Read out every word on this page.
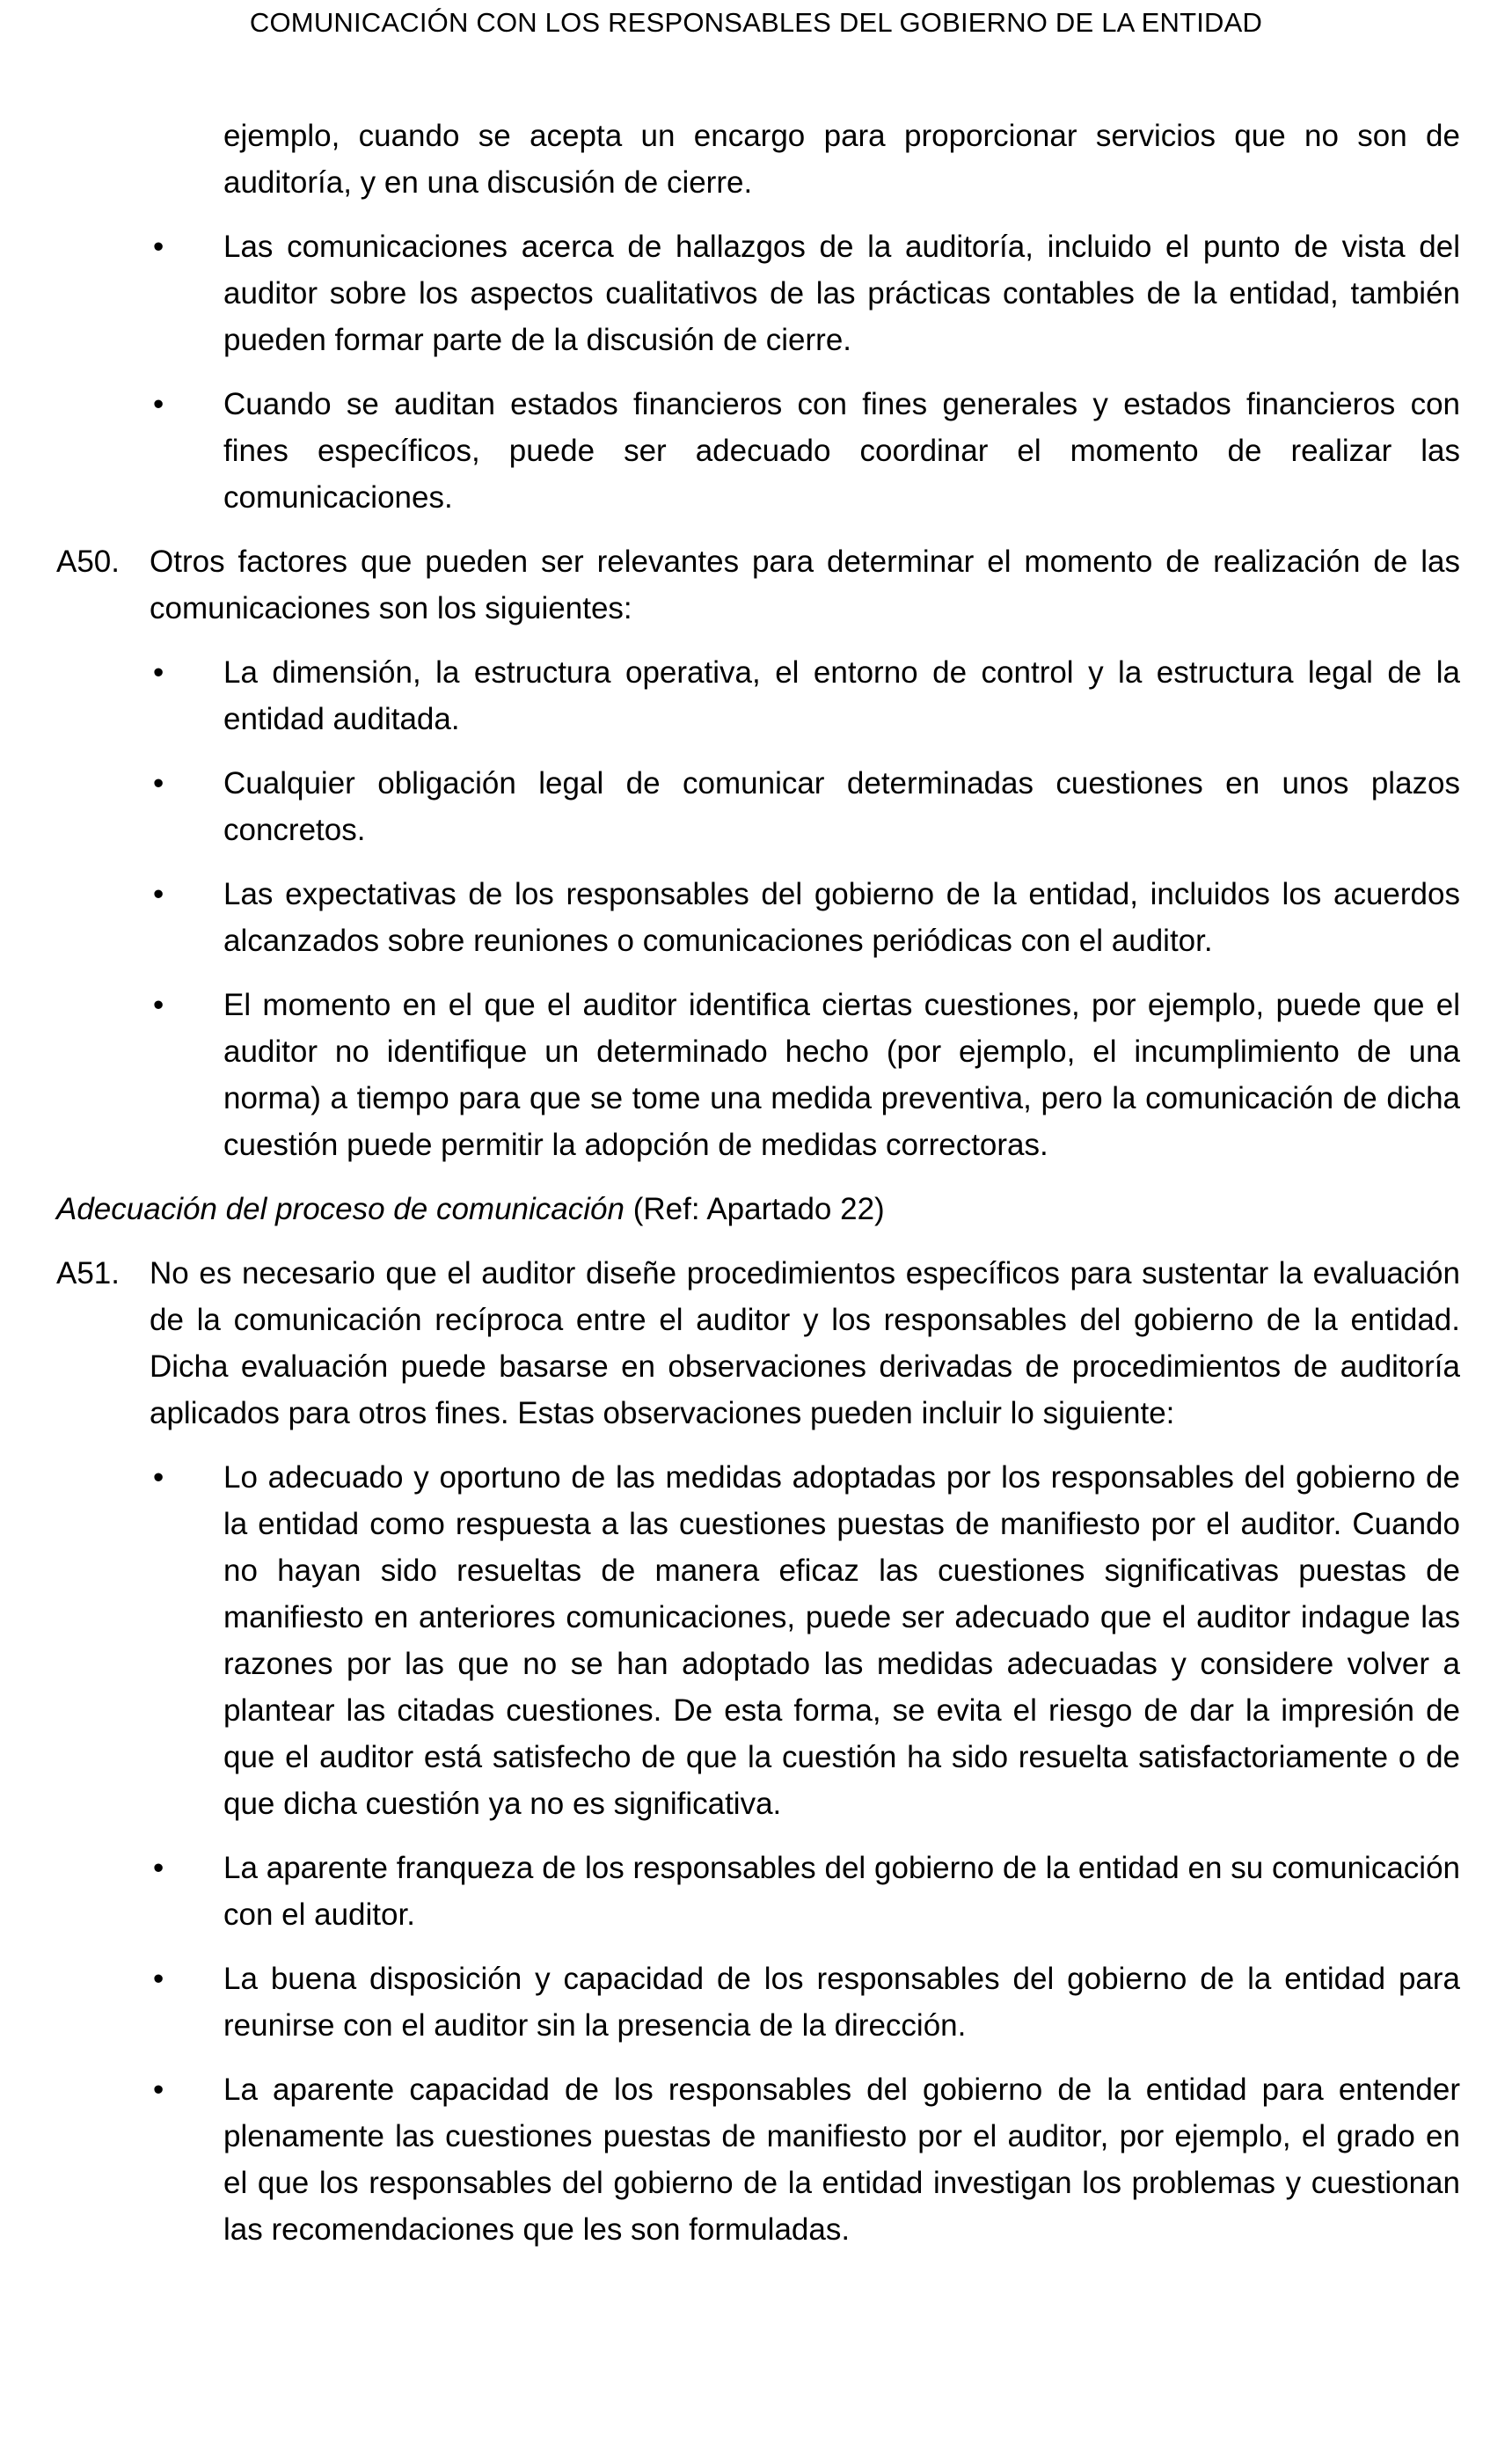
COMUNICACIÓN CON LOS RESPONSABLES DEL GOBIERNO DE LA ENTIDAD

ejemplo, cuando se acepta un encargo para proporcionar servicios que no son de auditoría, y en una discusión de cierre.

•	Las comunicaciones acerca de hallazgos de la auditoría, incluido el punto de vista del auditor sobre los aspectos cualitativos de las prácticas contables de la entidad, también pueden formar parte de la discusión de cierre.
•	Cuando se auditan estados financieros con fines generales y estados financieros con fines específicos, puede ser adecuado coordinar el momento de realizar las comunicaciones.
A50. Otros factores que pueden ser relevantes para determinar el momento de realización de las comunicaciones son los siguientes:
•	La dimensión, la estructura operativa, el entorno de control y la estructura legal de la entidad auditada.
•	Cualquier obligación legal de comunicar determinadas cuestiones en unos plazos concretos.
•	Las expectativas de los responsables del gobierno de la entidad, incluidos los acuerdos alcanzados sobre reuniones o comunicaciones periódicas con el auditor.
•	El momento en el que el auditor identifica ciertas cuestiones, por ejemplo, puede que el auditor no identifique un determinado hecho (por ejemplo, el incumplimiento de una norma) a tiempo para que se tome una medida preventiva, pero la comunicación de dicha cuestión puede permitir la adopción de medidas correctoras.

Adecuación del proceso de comunicación (Ref: Apartado 22)

A51. No es necesario que el auditor diseñe procedimientos específicos para sustentar la evaluación de la comunicación recíproca entre el auditor y los responsables del gobierno de la entidad. Dicha evaluación puede basarse en observaciones derivadas de procedimientos de auditoría aplicados para otros fines. Estas observaciones pueden incluir lo siguiente:
•	Lo adecuado y oportuno de las medidas adoptadas por los responsables del gobierno de la entidad como respuesta a las cuestiones puestas de manifiesto por el auditor. Cuando no hayan sido resueltas de manera eficaz las cuestiones significativas puestas de manifiesto en anteriores comunicaciones, puede ser adecuado que el auditor indague las razones por las que no se han adoptado las medidas adecuadas y considere volver a plantear las citadas cuestiones. De esta forma, se evita el riesgo de dar la impresión de que el auditor está satisfecho de que la cuestión ha sido resuelta satisfactoriamente o de que dicha cuestión ya no es significativa.
•	La aparente franqueza de los responsables del gobierno de la entidad en su comunicación con el auditor.
•	La buena disposición y capacidad de los responsables del gobierno de la entidad para reunirse con el auditor sin la presencia de la dirección.
•	La aparente capacidad de los responsables del gobierno de la entidad para entender plenamente las cuestiones puestas de manifiesto por el auditor, por ejemplo, el grado en el que los responsables del gobierno de la entidad investigan los problemas y cuestionan las recomendaciones que les son formuladas.
